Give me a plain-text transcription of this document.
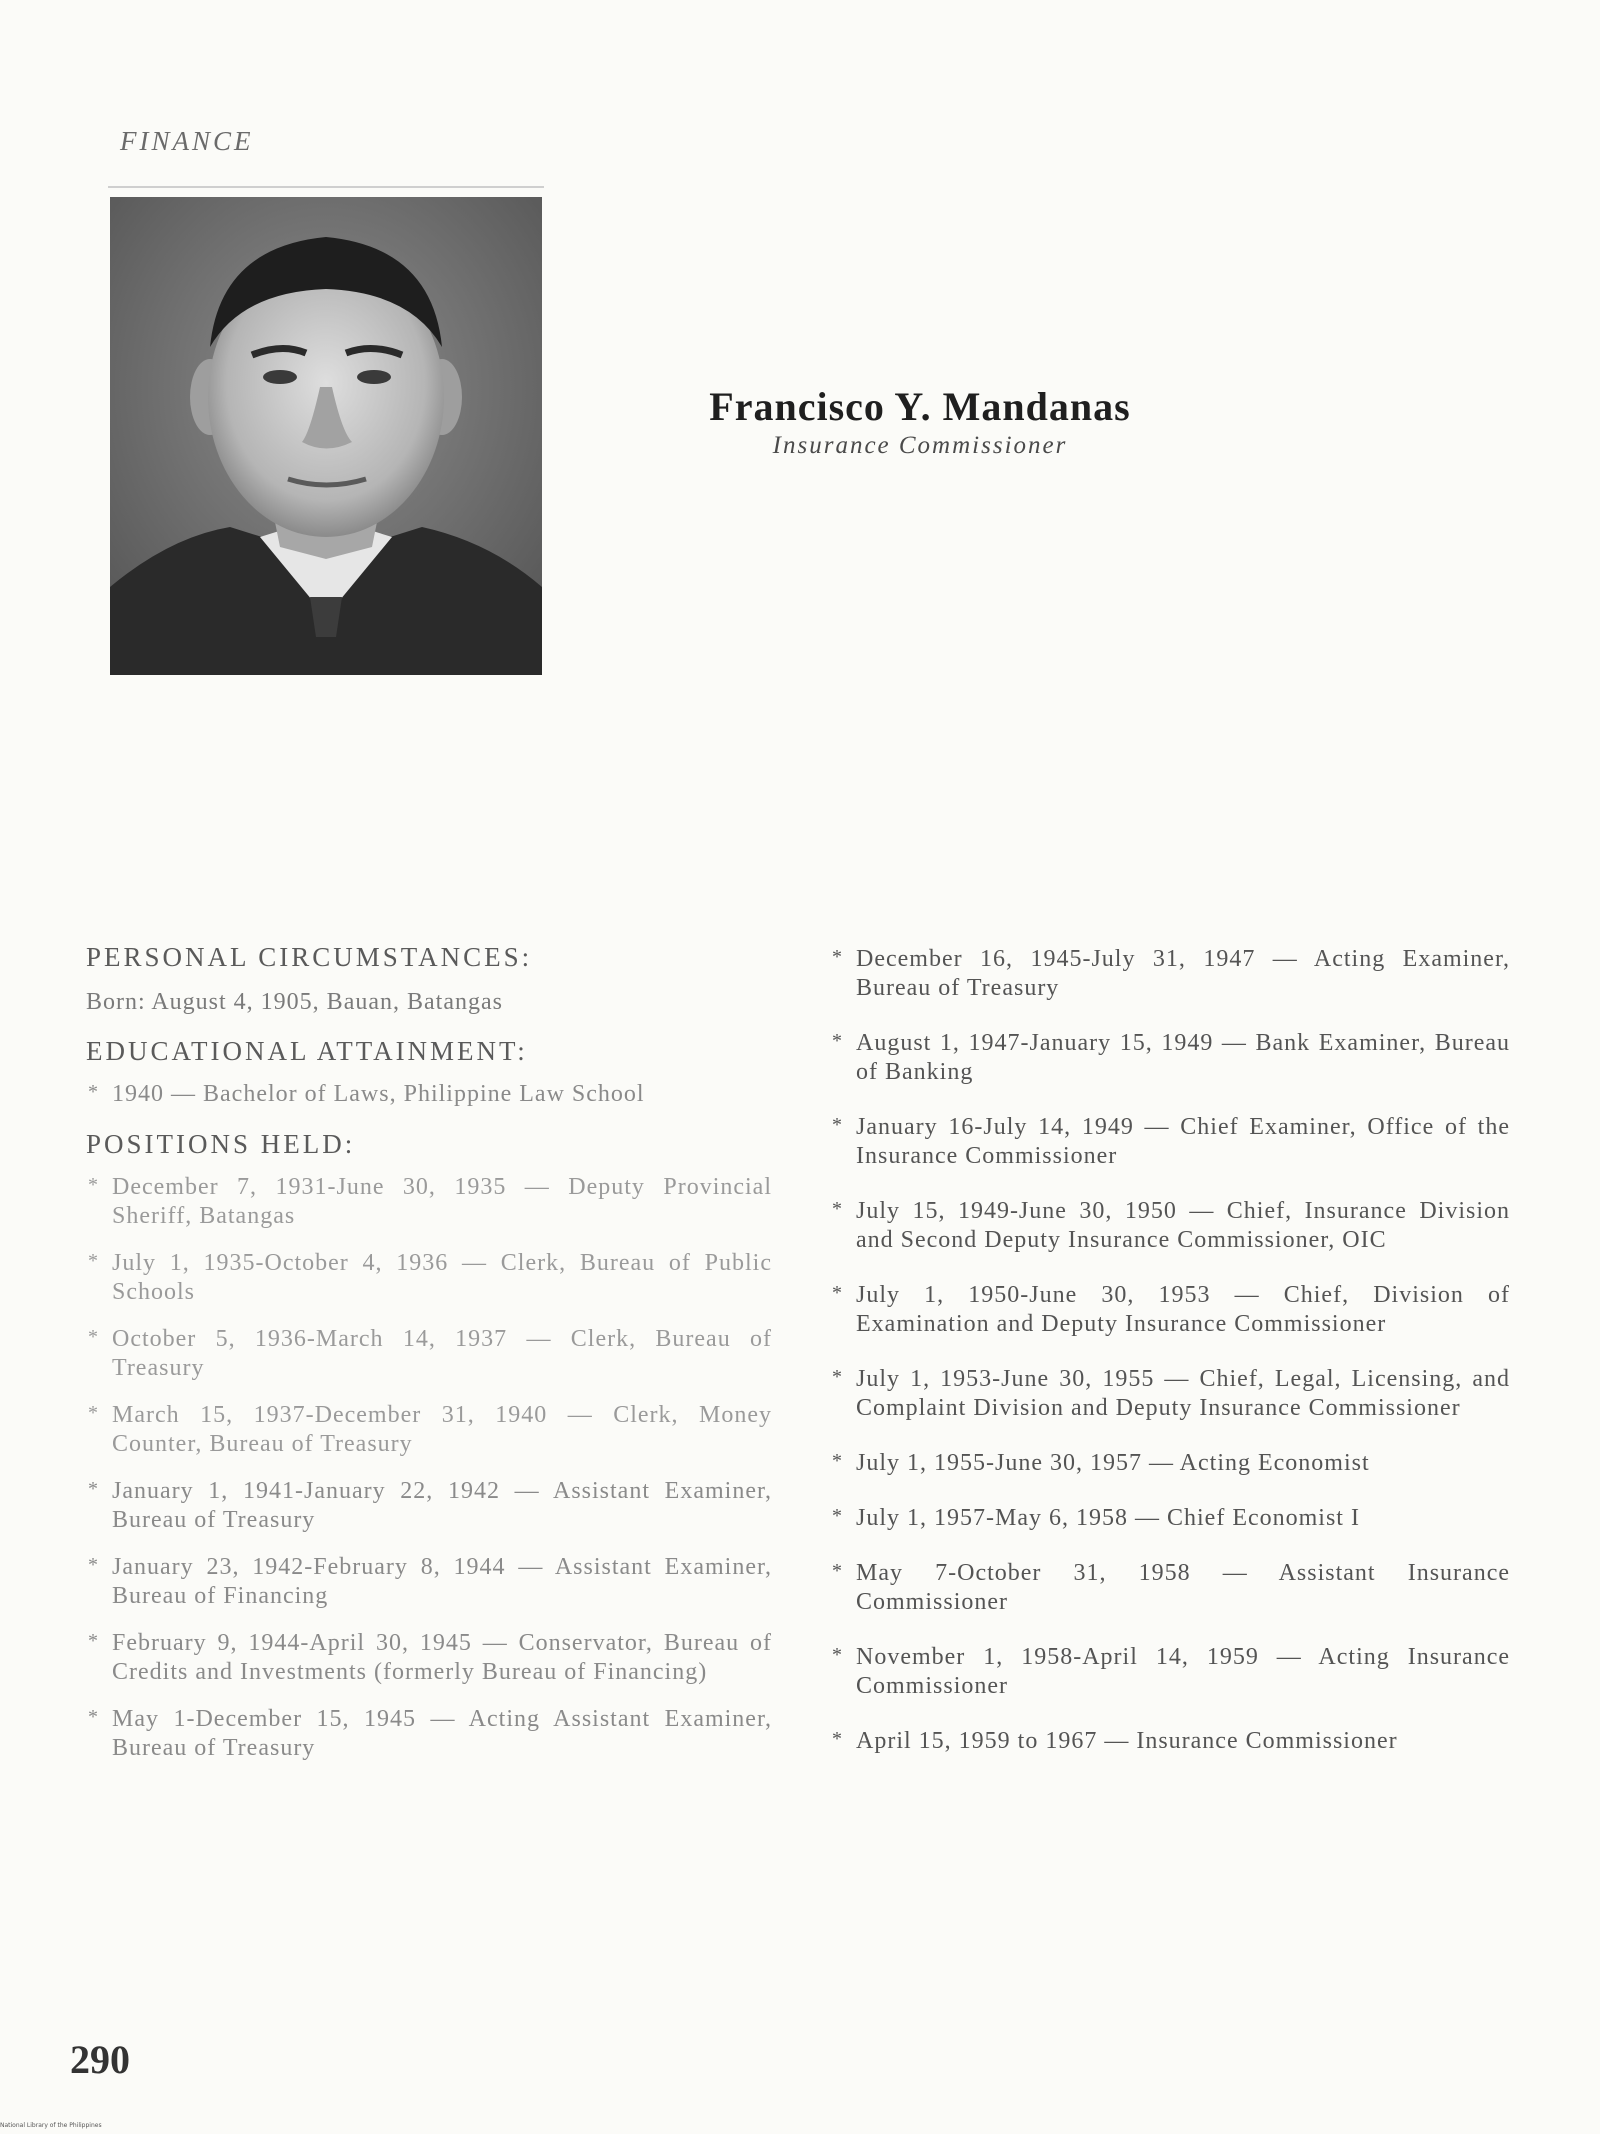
FINANCE
Francisco Y. Mandanas
Insurance Commissioner
PERSONAL CIRCUMSTANCES:
Born: August 4, 1905, Bauan, Batangas
EDUCATIONAL ATTAINMENT:
* 1940 — Bachelor of Laws, Philippine Law School
POSITIONS HELD:
* December 7, 1931-June 30, 1935 — Deputy Provincial Sheriff, Batangas
* July 1, 1935-October 4, 1936 — Clerk, Bureau of Public Schools
* October 5, 1936-March 14, 1937 — Clerk, Bureau of Treasury
* March 15, 1937-December 31, 1940 — Clerk, Money Counter, Bureau of Treasury
* January 1, 1941-January 22, 1942 — Assistant Examiner, Bureau of Treasury
* January 23, 1942-February 8, 1944 — Assistant Examiner, Bureau of Financing
* February 9, 1944-April 30, 1945 — Conservator, Bureau of Credits and Investments (formerly Bureau of Financing)
* May 1-December 15, 1945 — Acting Assistant Examiner, Bureau of Treasury
* December 16, 1945-July 31, 1947 — Acting Examiner, Bureau of Treasury
* August 1, 1947-January 15, 1949 — Bank Examiner, Bureau of Banking
* January 16-July 14, 1949 — Chief Examiner, Office of the Insurance Commissioner
* July 15, 1949-June 30, 1950 — Chief, Insurance Division and Second Deputy Insurance Commissioner, OIC
* July 1, 1950-June 30, 1953 — Chief, Division of Examination and Deputy Insurance Commissioner
* July 1, 1953-June 30, 1955 — Chief, Legal, Licensing, and Complaint Division and Deputy Insurance Commissioner
* July 1, 1955-June 30, 1957 — Acting Economist
* July 1, 1957-May 6, 1958 — Chief Economist I
* May 7-October 31, 1958 — Assistant Insurance Commissioner
* November 1, 1958-April 14, 1959 — Acting Insurance Commissioner
* April 15, 1959 to 1967 — Insurance Commissioner
290
National Library of the Philippines
